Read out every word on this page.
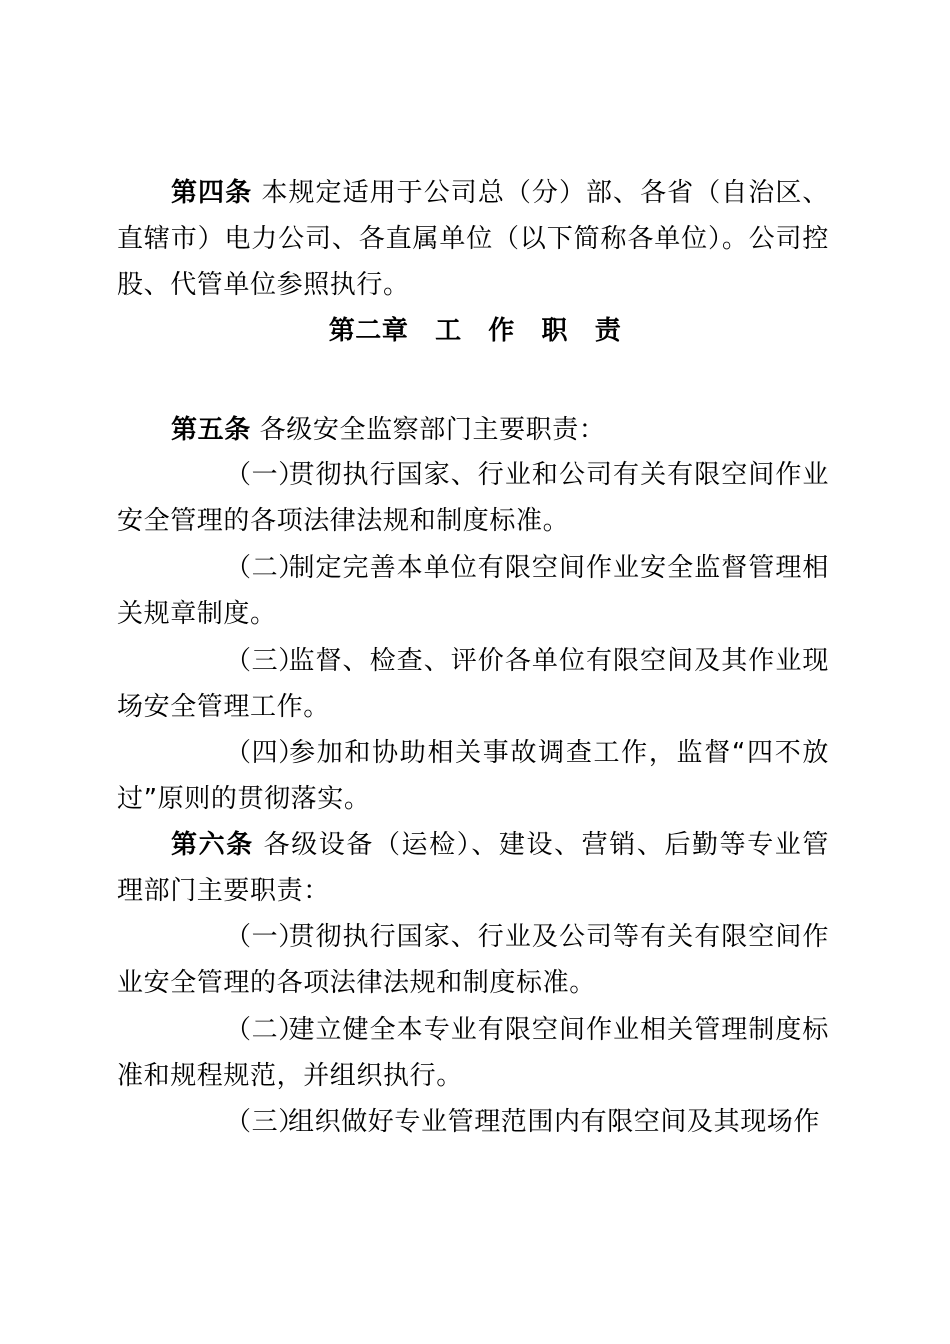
第四条 本规定适用于公司总（分）部、各省（自治区、直辖市）电力公司、各直属单位（以下简称各单位）。公司控股、代管单位参照执行。

第二章　工　作　职　责

第五条 各级安全监察部门主要职责：

（一）贯彻执行国家、行业和公司有关有限空间作业安全管理的各项法律法规和制度标准。

（二）制定完善本单位有限空间作业安全监督管理相关规章制度。

（三）监督、检查、评价各单位有限空间及其作业现场安全管理工作。

（四）参加和协助相关事故调查工作，监督“四不放过”原则的贯彻落实。

第六条 各级设备（运检）、建设、营销、后勤等专业管理部门主要职责：

（一）贯彻执行国家、行业及公司等有关有限空间作业安全管理的各项法律法规和制度标准。

（二）建立健全本专业有限空间作业相关管理制度标准和规程规范，并组织执行。

（三）组织做好专业管理范围内有限空间及其现场作
